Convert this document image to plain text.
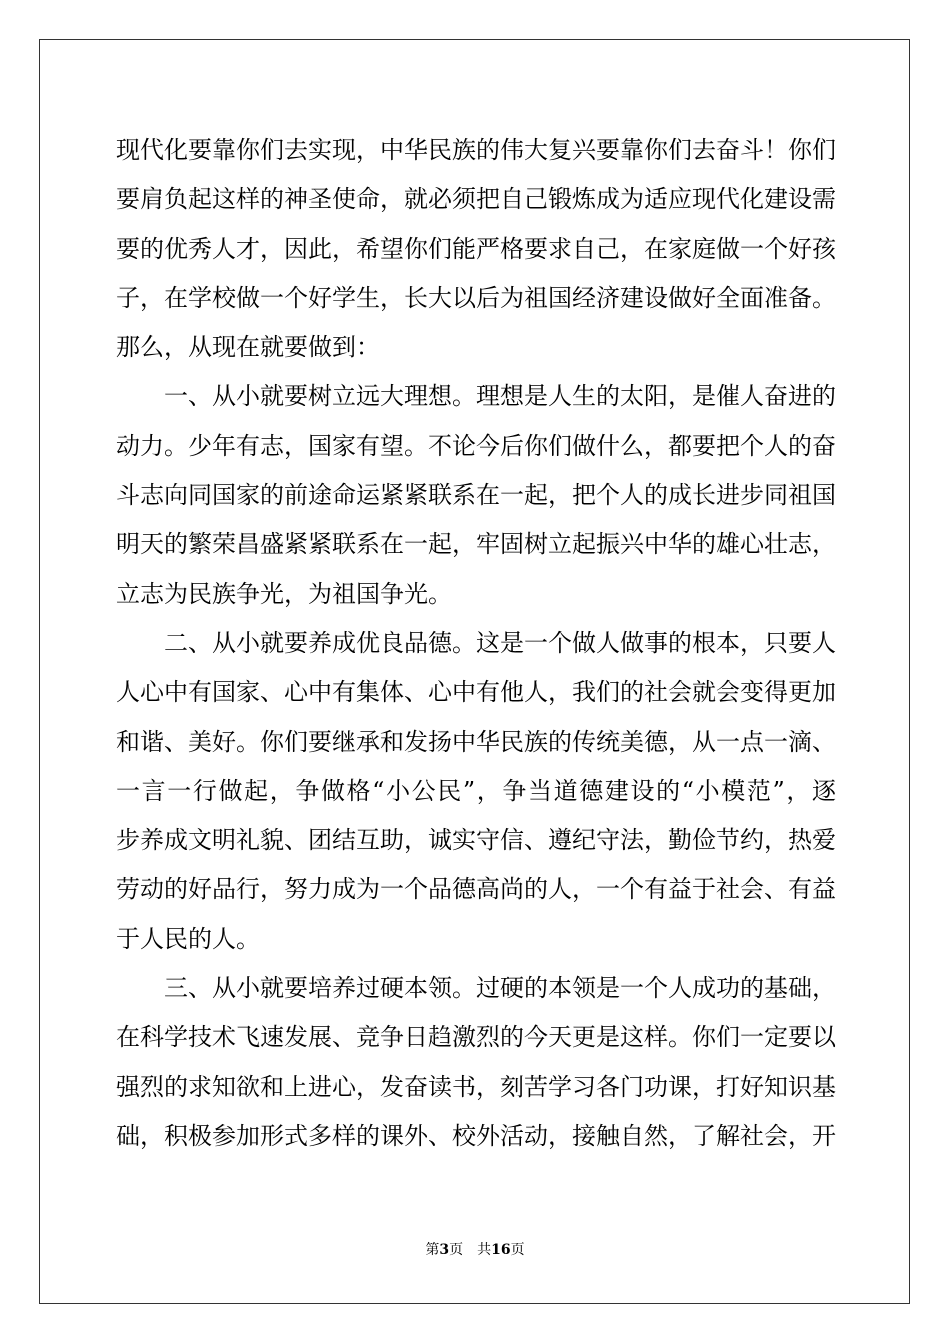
现代化要靠你们去实现，中华民族的伟大复兴要靠你们去奋斗！你们
要肩负起这样的神圣使命，就必须把自己锻炼成为适应现代化建设需
要的优秀人才，因此，希望你们能严格要求自己，在家庭做一个好孩
子，在学校做一个好学生，长大以后为祖国经济建设做好全面准备。
那么，从现在就要做到：
一、从小就要树立远大理想。理想是人生的太阳，是催人奋进的
动力。少年有志，国家有望。不论今后你们做什么，都要把个人的奋
斗志向同国家的前途命运紧紧联系在一起，把个人的成长进步同祖国
明天的繁荣昌盛紧紧联系在一起，牢固树立起振兴中华的雄心壮志，
立志为民族争光，为祖国争光。
二、从小就要养成优良品德。这是一个做人做事的根本，只要人
人心中有国家、心中有集体、心中有他人，我们的社会就会变得更加
和谐、美好。你们要继承和发扬中华民族的传统美德，从一点一滴、
一言一行做起，争做格“小公民”，争当道德建设的“小模范”，逐
步养成文明礼貌、团结互助，诚实守信、遵纪守法，勤俭节约，热爱
劳动的好品行，努力成为一个品德高尚的人，一个有益于社会、有益
于人民的人。
三、从小就要培养过硬本领。过硬的本领是一个人成功的基础，
在科学技术飞速发展、竞争日趋激烈的今天更是这样。你们一定要以
强烈的求知欲和上进心，发奋读书，刻苦学习各门功课，打好知识基
础，积极参加形式多样的课外、校外活动，接触自然，了解社会，开
第3页 共16页
